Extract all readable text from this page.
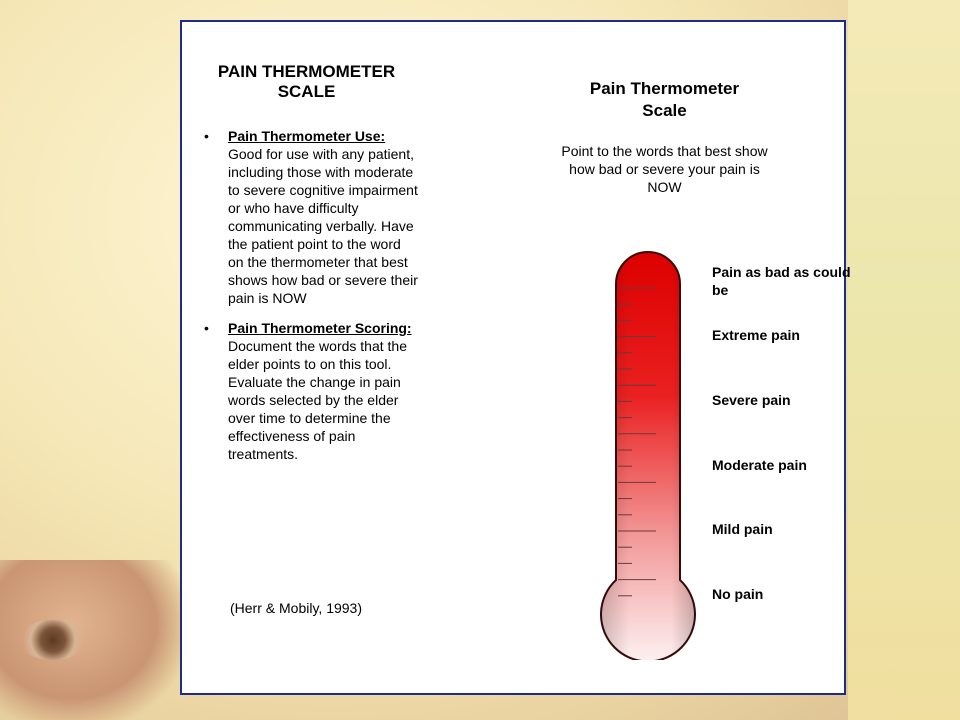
PAIN THERMOMETER
SCALE
• Pain Thermometer Use:
Good for use with any patient, including those with moderate to severe cognitive impairment or who have difficulty communicating verbally. Have the patient point to the word on the thermometer that best shows how bad or severe their pain is NOW
• Pain Thermometer Scoring: Document the words that the elder points to on this tool. Evaluate the change in pain words selected by the elder over time to determine the effectiveness of pain treatments.
(Herr & Mobily, 1993)
Pain Thermometer
Scale
Point to the words that best show how bad or severe your pain is NOW
Pain as bad as could be
Extreme pain
Severe pain
Moderate pain
Mild pain
No pain
